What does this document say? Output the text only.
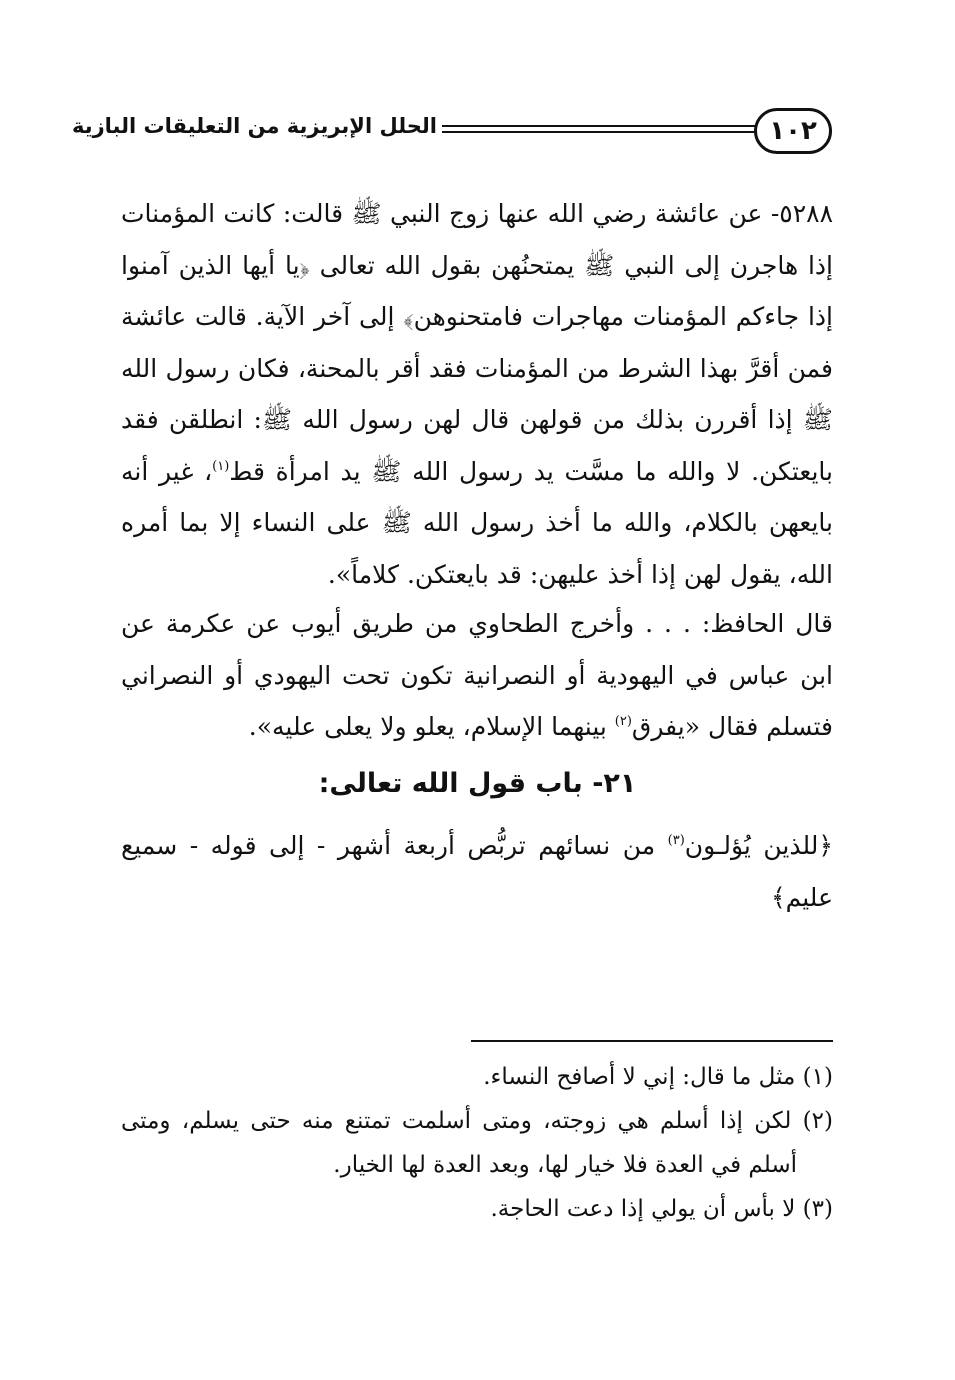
١٠٢
الحلل الإبريزية من التعليقات البازية
٥٢٨٨- عن عائشة رضي الله عنها زوج النبي ﷺ قالت: كانت المؤمنات إذا هاجرن إلى النبي ﷺ يمتحنُهن بقول الله تعالى ﴿يا أيها الذين آمنوا إذا جاءكم المؤمنات مهاجرات فامتحنوهن﴾ إلى آخر الآية. قالت عائشة فمن أقرَّ بهذا الشرط من المؤمنات فقد أقر بالمحنة، فكان رسول الله ﷺ إذا أقررن بذلك من قولهن قال لهن رسول الله ﷺ: انطلقن فقد بايعتكن. لا والله ما مسَّت يد رسول الله ﷺ يد امرأة قط$^{(١)}$، غير أنه بايعهن بالكلام، والله ما أخذ رسول الله ﷺ على النساء إلا بما أمره الله، يقول لهن إذا أخذ عليهن: قد بايعتكن. كلاماً».
قال الحافظ: . . . وأخرج الطحاوي من طريق أيوب عن عكرمة عن ابن عباس في اليهودية أو النصرانية تكون تحت اليهودي أو النصراني فتسلم فقال «يفرق$^{(٢)}$ بينهما الإسلام، يعلو ولا يعلى عليه».
٢١- باب قول الله تعالى:
﴿للذين يُؤلـون$^{(٣)}$ من نسائهم تربُّص أربعة أشهر - إلى قوله - سميع عليم﴾
(١) مثل ما قال: إني لا أصافح النساء.
(٢) لكن إذا أسلم هي زوجته، ومتى أسلمت تمتنع منه حتى يسلم، ومتى أسلم في العدة فلا خيار لها، وبعد العدة لها الخيار.
(٣) لا بأس أن يولي إذا دعت الحاجة.
